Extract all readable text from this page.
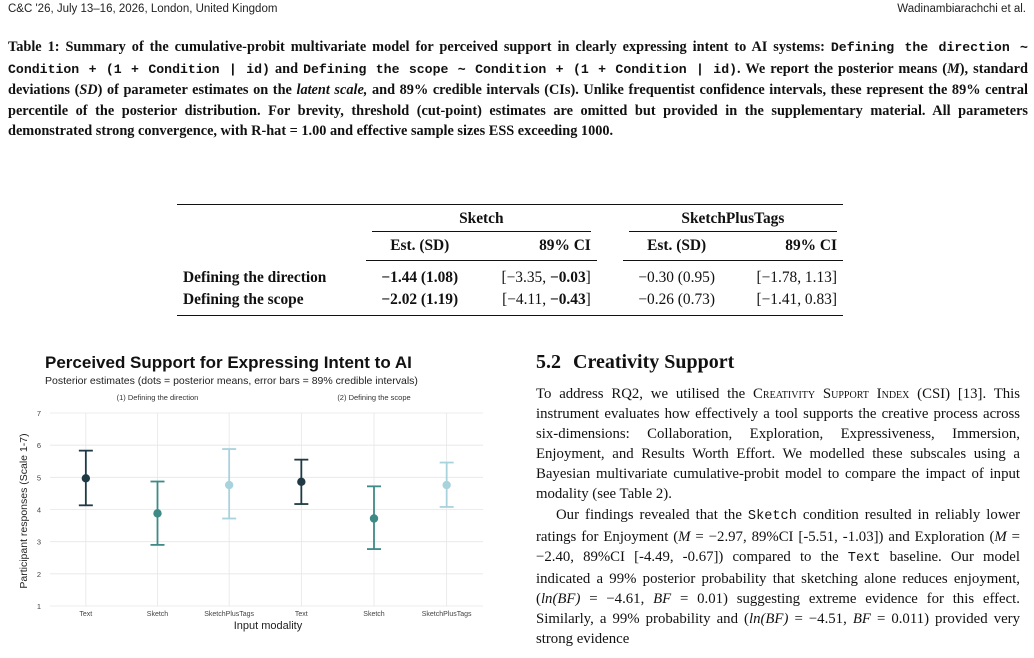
C&C '26, July 13–16, 2026, London, United Kingdom	Wadinambiarachchi et al.
Table 1: Summary of the cumulative-probit multivariate model for perceived support in clearly expressing intent to AI systems: Defining the direction ∼ Condition + (1 + Condition | id) and Defining the scope ∼ Condition + (1 + Condition | id). We report the posterior means (M), standard deviations (SD) of parameter estimates on the latent scale, and 89% credible intervals (CIs). Unlike frequentist confidence intervals, these represent the 89% central percentile of the posterior distribution. For brevity, threshold (cut-point) estimates are omitted but provided in the supplementary material. All parameters demonstrated strong convergence, with R-hat = 1.00 and effective sample sizes ESS exceeding 1000.

	Sketch			SketchPlusTags	

	Est. (SD)	89% CI		Est. (SD)	89% CI
Defining the direction	−1.44 (1.08)	[−3.35, −0.03]		−0.30 (0.95)	[−1.78, 1.13]
Defining the scope	−2.02 (1.19)	[−4.11, −0.43]		−0.26 (0.73)	[−1.41, 0.83]
Perceived Support for Expressing Intent to AI
Posterior estimates (dots = posterior means, error bars = 89% credible intervals)
Participant responses (Scale 1-7)
Input modality
1
2
3
4
5
6
7
(1) Defining the direction
Text	Sketch	SketchPlusTags
(2) Defining the scope
Text	Sketch	SketchPlusTags
5.2 Creativity Support

To address RQ2, we utilised the Creativity Support Index (CSI) [13]. This instrument evaluates how effectively a tool supports the creative process across six-dimensions: Collaboration, Exploration, Expressiveness, Immersion, Enjoyment, and Results Worth Effort. We modelled these subscales using a Bayesian multivariate cumulative-probit model to compare the impact of input modality (see Table 2).

Our findings revealed that the Sketch condition resulted in reliably lower ratings for Enjoyment (M = −2.97, 89%CI [-5.51, -1.03]) and Exploration (M = −2.40, 89%CI [-4.49, -0.67]) compared to the Text baseline. Our model indicated a 99% posterior probability that sketching alone reduces enjoyment, (ln(BF) = −4.61, BF = 0.01) suggesting extreme evidence for this effect. Similarly, a 99% probability and (ln(BF) = −4.51, BF = 0.011) provided very strong evidence
